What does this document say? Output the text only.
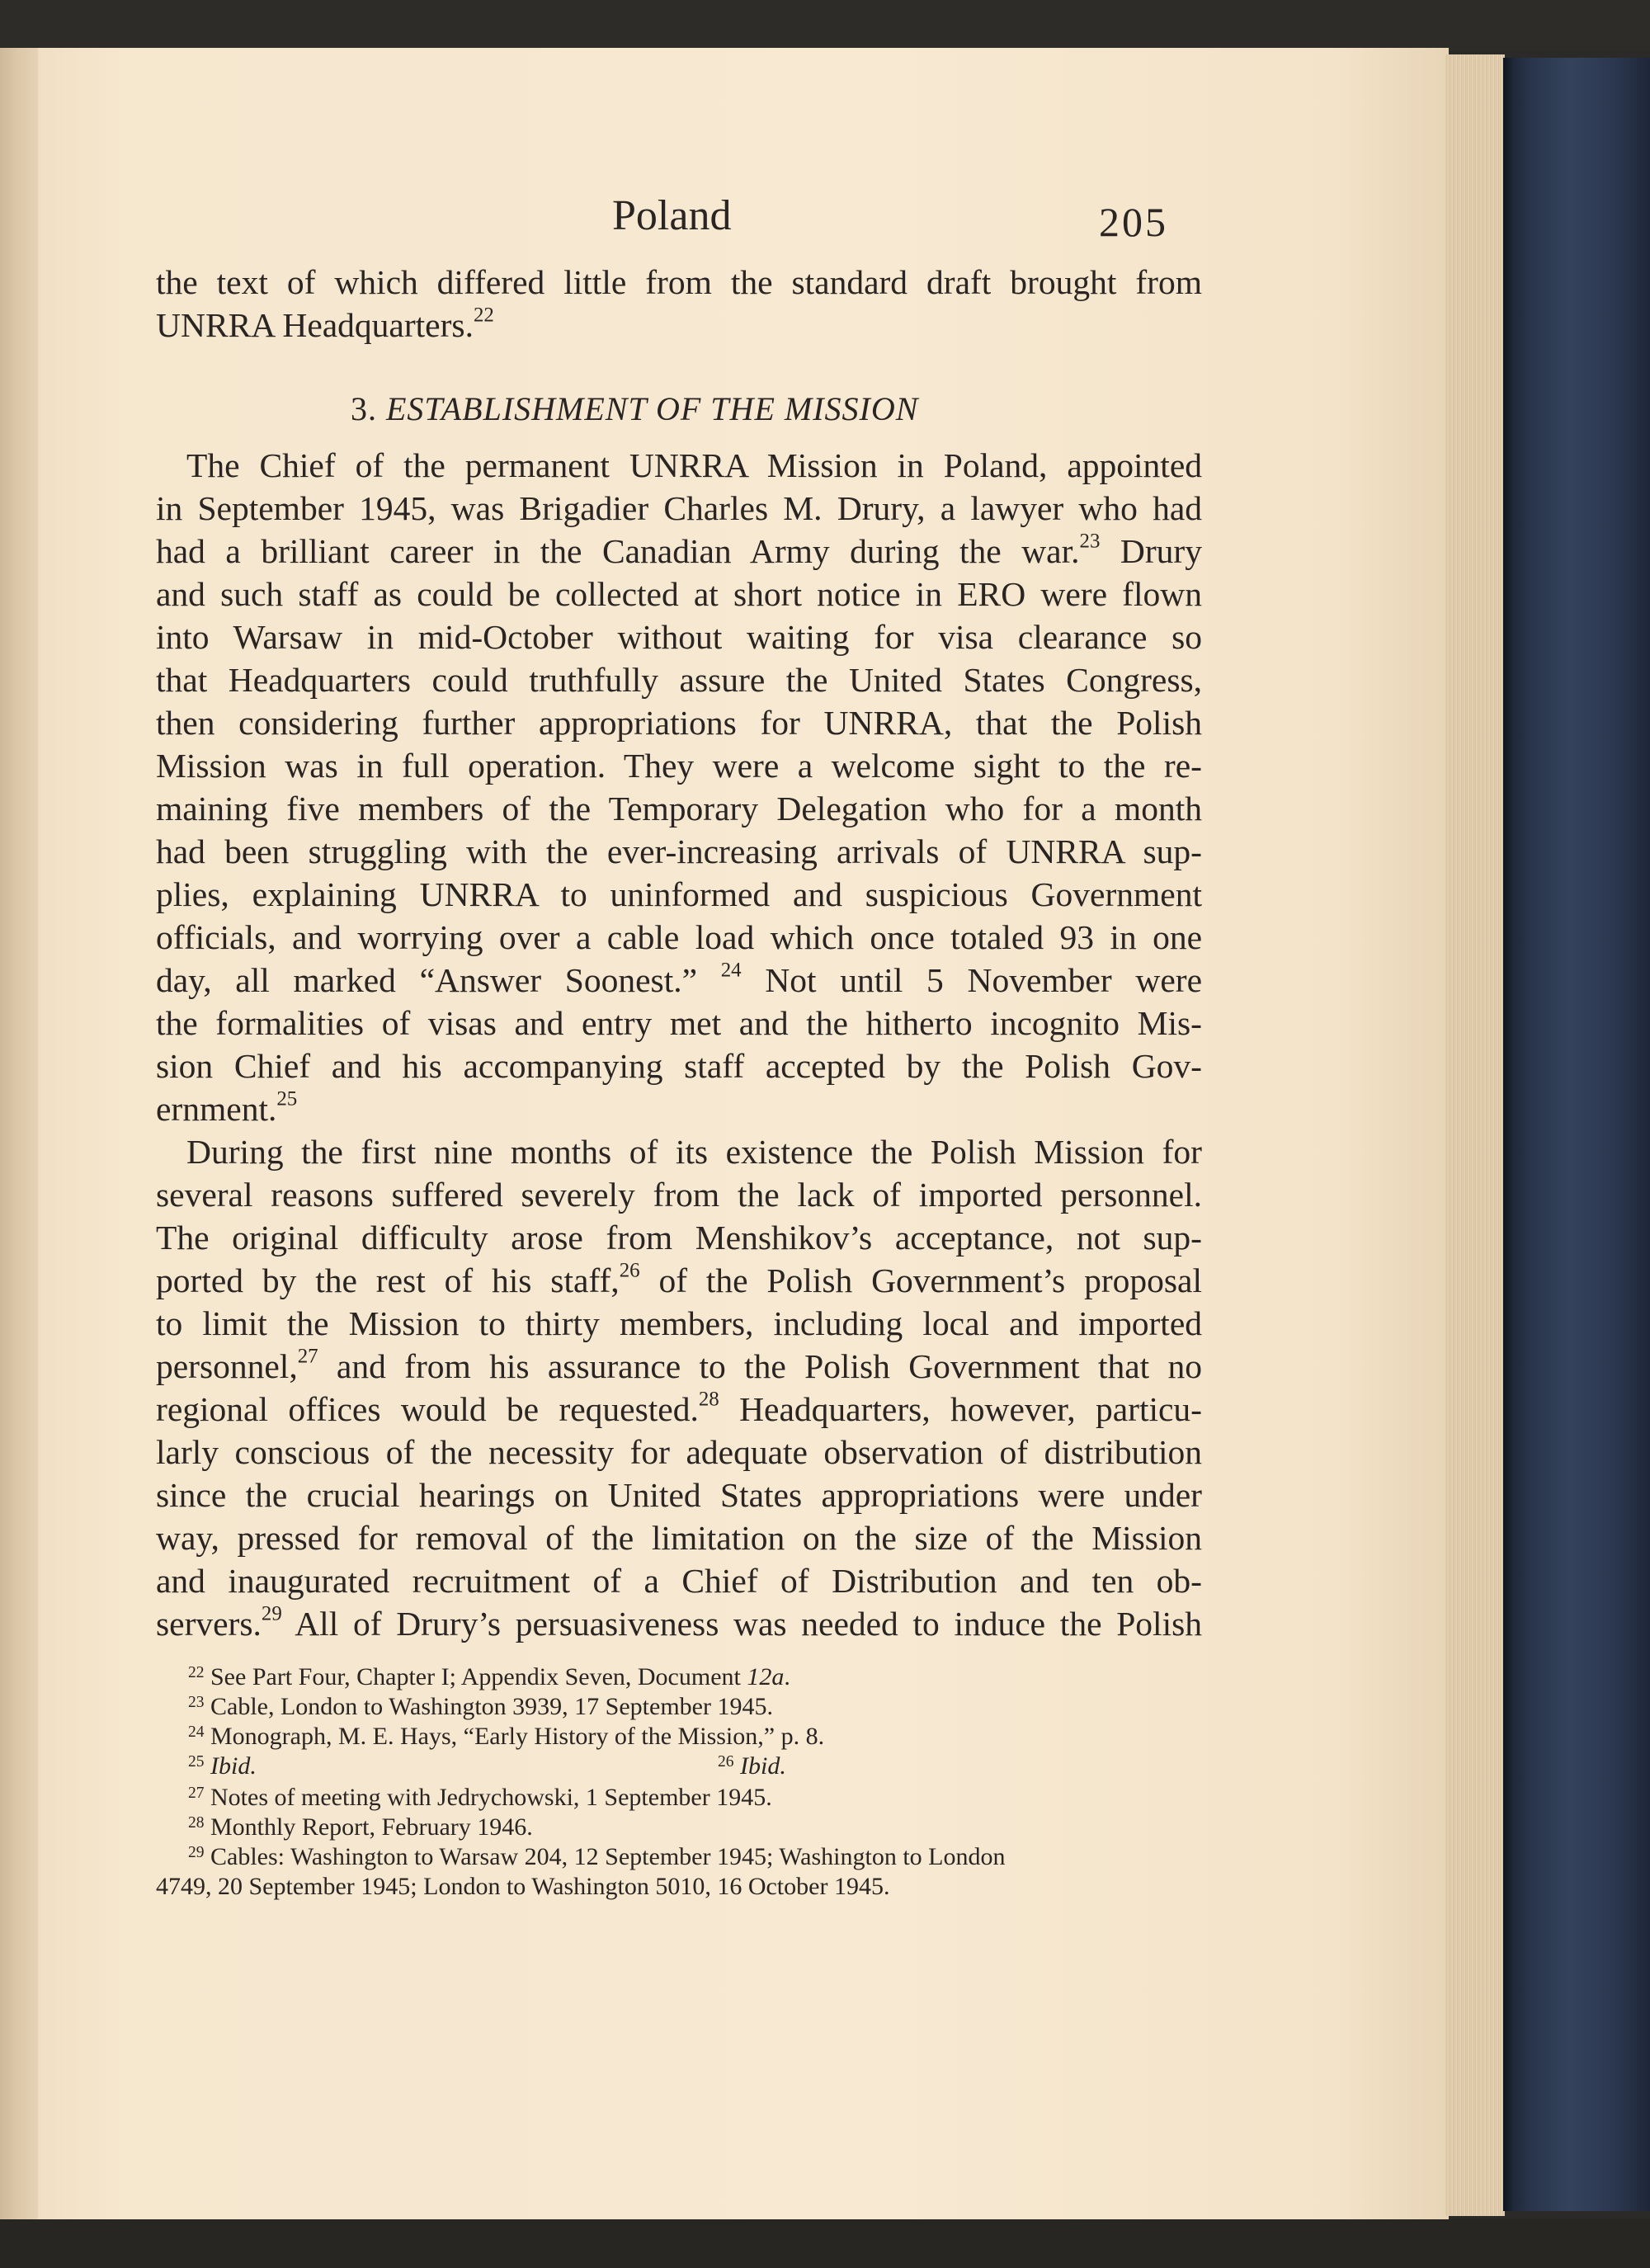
Poland	205
the text of which differed little from the standard draft brought from
UNRRA Headquarters.$^{22}$
3. ESTABLISHMENT OF THE MISSION
The Chief of the permanent UNRRA Mission in Poland, appointed
in September 1945, was Brigadier Charles M. Drury, a lawyer who had
had a brilliant career in the Canadian Army during the war.$^{23}$ Drury
and such staff as could be collected at short notice in ERO were flown
into Warsaw in mid-October without waiting for visa clearance so
that Headquarters could truthfully assure the United States Congress,
then considering further appropriations for UNRRA, that the Polish
Mission was in full operation. They were a welcome sight to the re-
maining five members of the Temporary Delegation who for a month
had been struggling with the ever-increasing arrivals of UNRRA sup-
plies, explaining UNRRA to uninformed and suspicious Government
officials, and worrying over a cable load which once totaled 93 in one
day, all marked “Answer Soonest.” $^{24}$ Not until 5 November were
the formalities of visas and entry met and the hitherto incognito Mis-
sion Chief and his accompanying staff accepted by the Polish Gov-
ernment.$^{25}$
During the first nine months of its existence the Polish Mission for
several reasons suffered severely from the lack of imported personnel.
The original difficulty arose from Menshikov’s acceptance, not sup-
ported by the rest of his staff,$^{26}$ of the Polish Government’s proposal
to limit the Mission to thirty members, including local and imported
personnel,$^{27}$ and from his assurance to the Polish Government that no
regional offices would be requested.$^{28}$ Headquarters, however, particu-
larly conscious of the necessity for adequate observation of distribution
since the crucial hearings on United States appropriations were under
way, pressed for removal of the limitation on the size of the Mission
and inaugurated recruitment of a Chief of Distribution and ten ob-
servers.$^{29}$ All of Drury’s persuasiveness was needed to induce the Polish
$^{22}$ See Part Four, Chapter I; Appendix Seven, Document 12a.
$^{23}$ Cable, London to Washington 3939, 17 September 1945.
$^{24}$ Monograph, M. E. Hays, “Early History of the Mission,” p. 8.
$^{25}$ Ibid.	$^{26}$ Ibid.
$^{27}$ Notes of meeting with Jedrychowski, 1 September 1945.
$^{28}$ Monthly Report, February 1946.
$^{29}$ Cables: Washington to Warsaw 204, 12 September 1945; Washington to London
4749, 20 September 1945; London to Washington 5010, 16 October 1945.
